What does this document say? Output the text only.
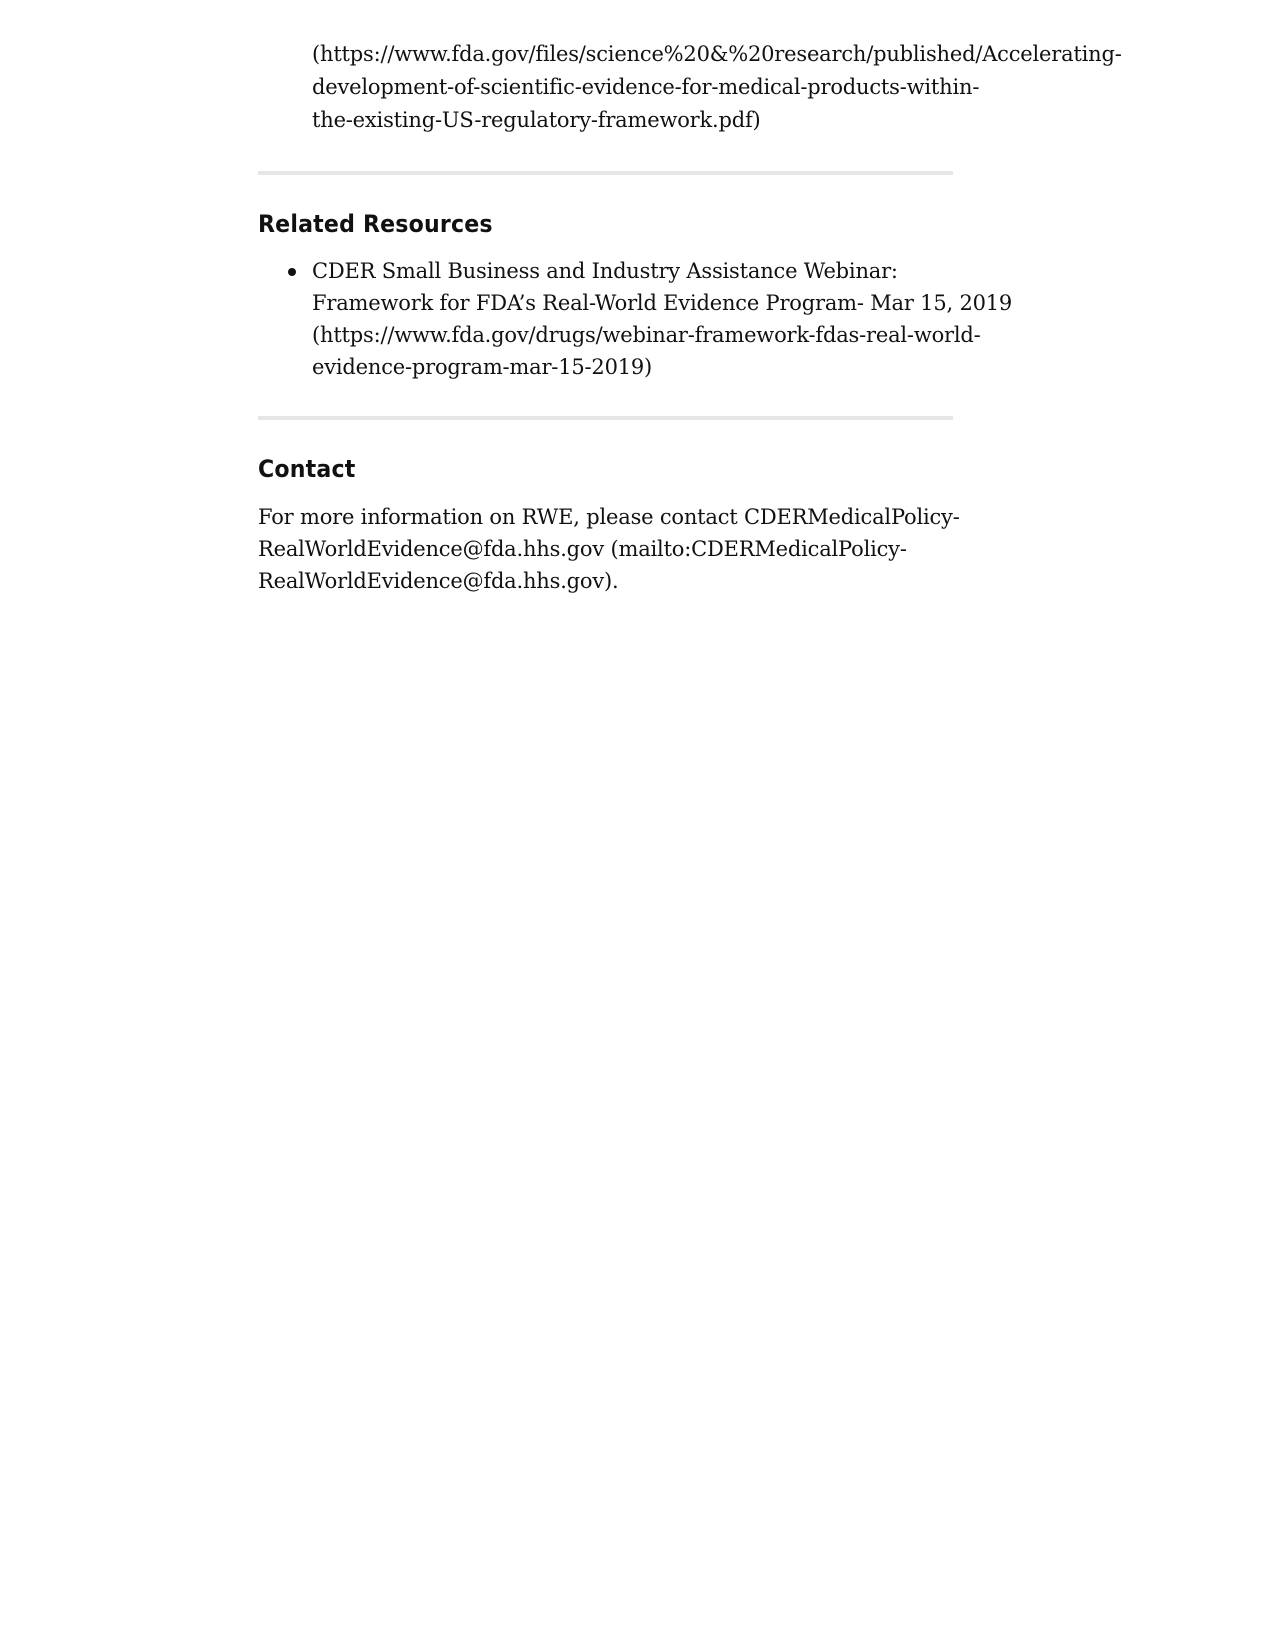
(https://www.fda.gov/files/science%20&%20research/published/Accelerating-
development-of-scientific-evidence-for-medical-products-within-
the-existing-US-regulatory-framework.pdf)
Related Resources
CDER Small Business and Industry Assistance Webinar:
Framework for FDA’s Real-World Evidence Program- Mar 15, 2019
(https://www.fda.gov/drugs/webinar-framework-fdas-real-world-
evidence-program-mar-15-2019)
Contact

For more information on RWE, please contact CDERMedicalPolicy-
RealWorldEvidence@fda.hhs.gov (mailto:CDERMedicalPolicy-
RealWorldEvidence@fda.hhs.gov).
